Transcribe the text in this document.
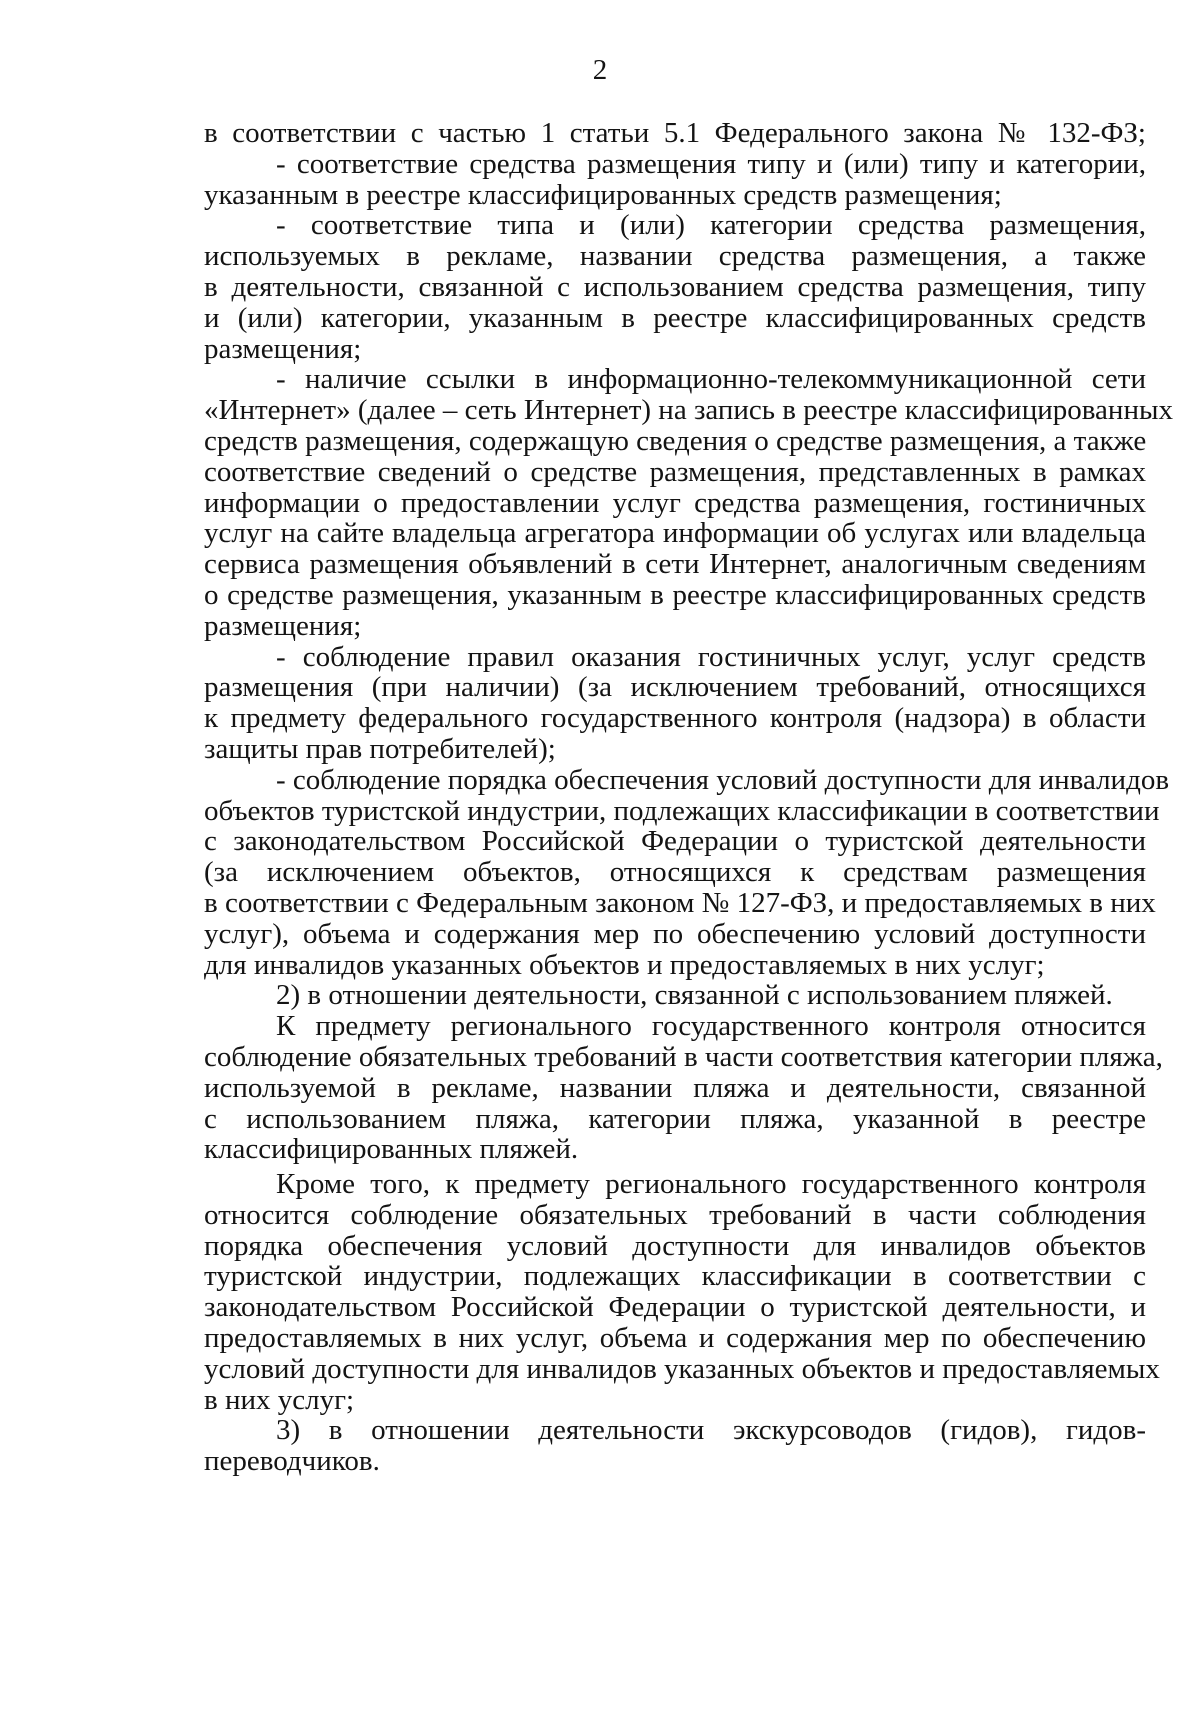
2
в соответствии с частью 1 статьи 5.1 Федерального закона № 132-ФЗ;
- соответствие средства размещения типу и (или) типу и категории,
указанным в реестре классифицированных средств размещения;
- соответствие типа и (или) категории средства размещения,
используемых в рекламе, названии средства размещения, а также
в деятельности, связанной с использованием средства размещения, типу
и (или) категории, указанным в реестре классифицированных средств
размещения;
- наличие ссылки в информационно-телекоммуникационной сети
«Интернет» (далее – сеть Интернет) на запись в реестре классифицированных
средств размещения, содержащую сведения о средстве размещения, а также
соответствие сведений о средстве размещения, представленных в рамках
информации о предоставлении услуг средства размещения, гостиничных
услуг на сайте владельца агрегатора информации об услугах или владельца
сервиса размещения объявлений в сети Интернет, аналогичным сведениям
о средстве размещения, указанным в реестре классифицированных средств
размещения;
- соблюдение правил оказания гостиничных услуг, услуг средств
размещения (при наличии) (за исключением требований, относящихся
к предмету федерального государственного контроля (надзора) в области
защиты прав потребителей);
- соблюдение порядка обеспечения условий доступности для инвалидов
объектов туристской индустрии, подлежащих классификации в соответствии
с законодательством Российской Федерации о туристской деятельности
(за исключением объектов, относящихся к средствам размещения
в соответствии с Федеральным законом № 127-ФЗ, и предоставляемых в них
услуг), объема и содержания мер по обеспечению условий доступности
для инвалидов указанных объектов и предоставляемых в них услуг;
2) в отношении деятельности, связанной с использованием пляжей.
К предмету регионального государственного контроля относится
соблюдение обязательных требований в части соответствия категории пляжа,
используемой в рекламе, названии пляжа и деятельности, связанной
с использованием пляжа, категории пляжа, указанной в реестре
классифицированных пляжей.
Кроме того, к предмету регионального государственного контроля
относится соблюдение обязательных требований в части соблюдения
порядка обеспечения условий доступности для инвалидов объектов
туристской индустрии, подлежащих классификации в соответствии с
законодательством Российской Федерации о туристской деятельности, и
предоставляемых в них услуг, объема и содержания мер по обеспечению
условий доступности для инвалидов указанных объектов и предоставляемых
в них услуг;
3) в отношении деятельности экскурсоводов (гидов), гидов-
переводчиков.
